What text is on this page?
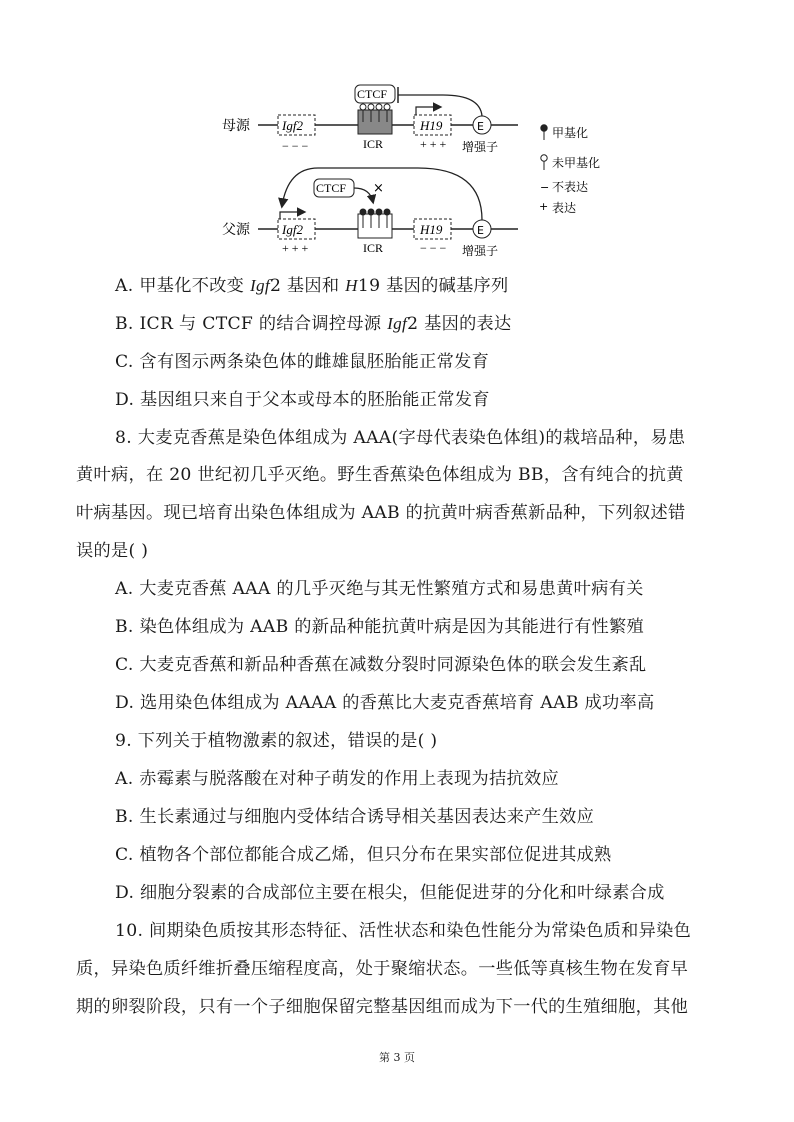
母源 Igf2
− − −	ICR
CTCF
H19
+ + +
E
增强子
父源 Igf2
+ + +
CTCF ×
ICR
H19
− − −
E
增强子
甲基化
未甲基化
− 不表达
+ 表达
A. 甲基化不改变 Igf2 基因和 H19 基因的碱基序列
B. ICR 与 CTCF 的结合调控母源 Igf2 基因的表达
C. 含有图示两条染色体的雌雄鼠胚胎能正常发育
D. 基因组只来自于父本或母本的胚胎能正常发育
8. 大麦克香蕉是染色体组成为 AAA(字母代表染色体组)的栽培品种，易患
黄叶病，在 20 世纪初几乎灭绝。野生香蕉染色体组成为 BB，含有纯合的抗黄
叶病基因。现已培育出染色体组成为 AAB 的抗黄叶病香蕉新品种，下列叙述错
误的是( )
A. 大麦克香蕉 AAA 的几乎灭绝与其无性繁殖方式和易患黄叶病有关
B. 染色体组成为 AAB 的新品种能抗黄叶病是因为其能进行有性繁殖
C. 大麦克香蕉和新品种香蕉在减数分裂时同源染色体的联会发生紊乱
D. 选用染色体组成为 AAAA 的香蕉比大麦克香蕉培育 AAB 成功率高
9. 下列关于植物激素的叙述，错误的是( )
A. 赤霉素与脱落酸在对种子萌发的作用上表现为拮抗效应
B. 生长素通过与细胞内受体结合诱导相关基因表达来产生效应
C. 植物各个部位都能合成乙烯，但只分布在果实部位促进其成熟
D. 细胞分裂素的合成部位主要在根尖，但能促进芽的分化和叶绿素合成
10. 间期染色质按其形态特征、活性状态和染色性能分为常染色质和异染色
质，异染色质纤维折叠压缩程度高，处于聚缩状态。一些低等真核生物在发育早
期的卵裂阶段，只有一个子细胞保留完整基因组而成为下一代的生殖细胞，其他
第 3 页
